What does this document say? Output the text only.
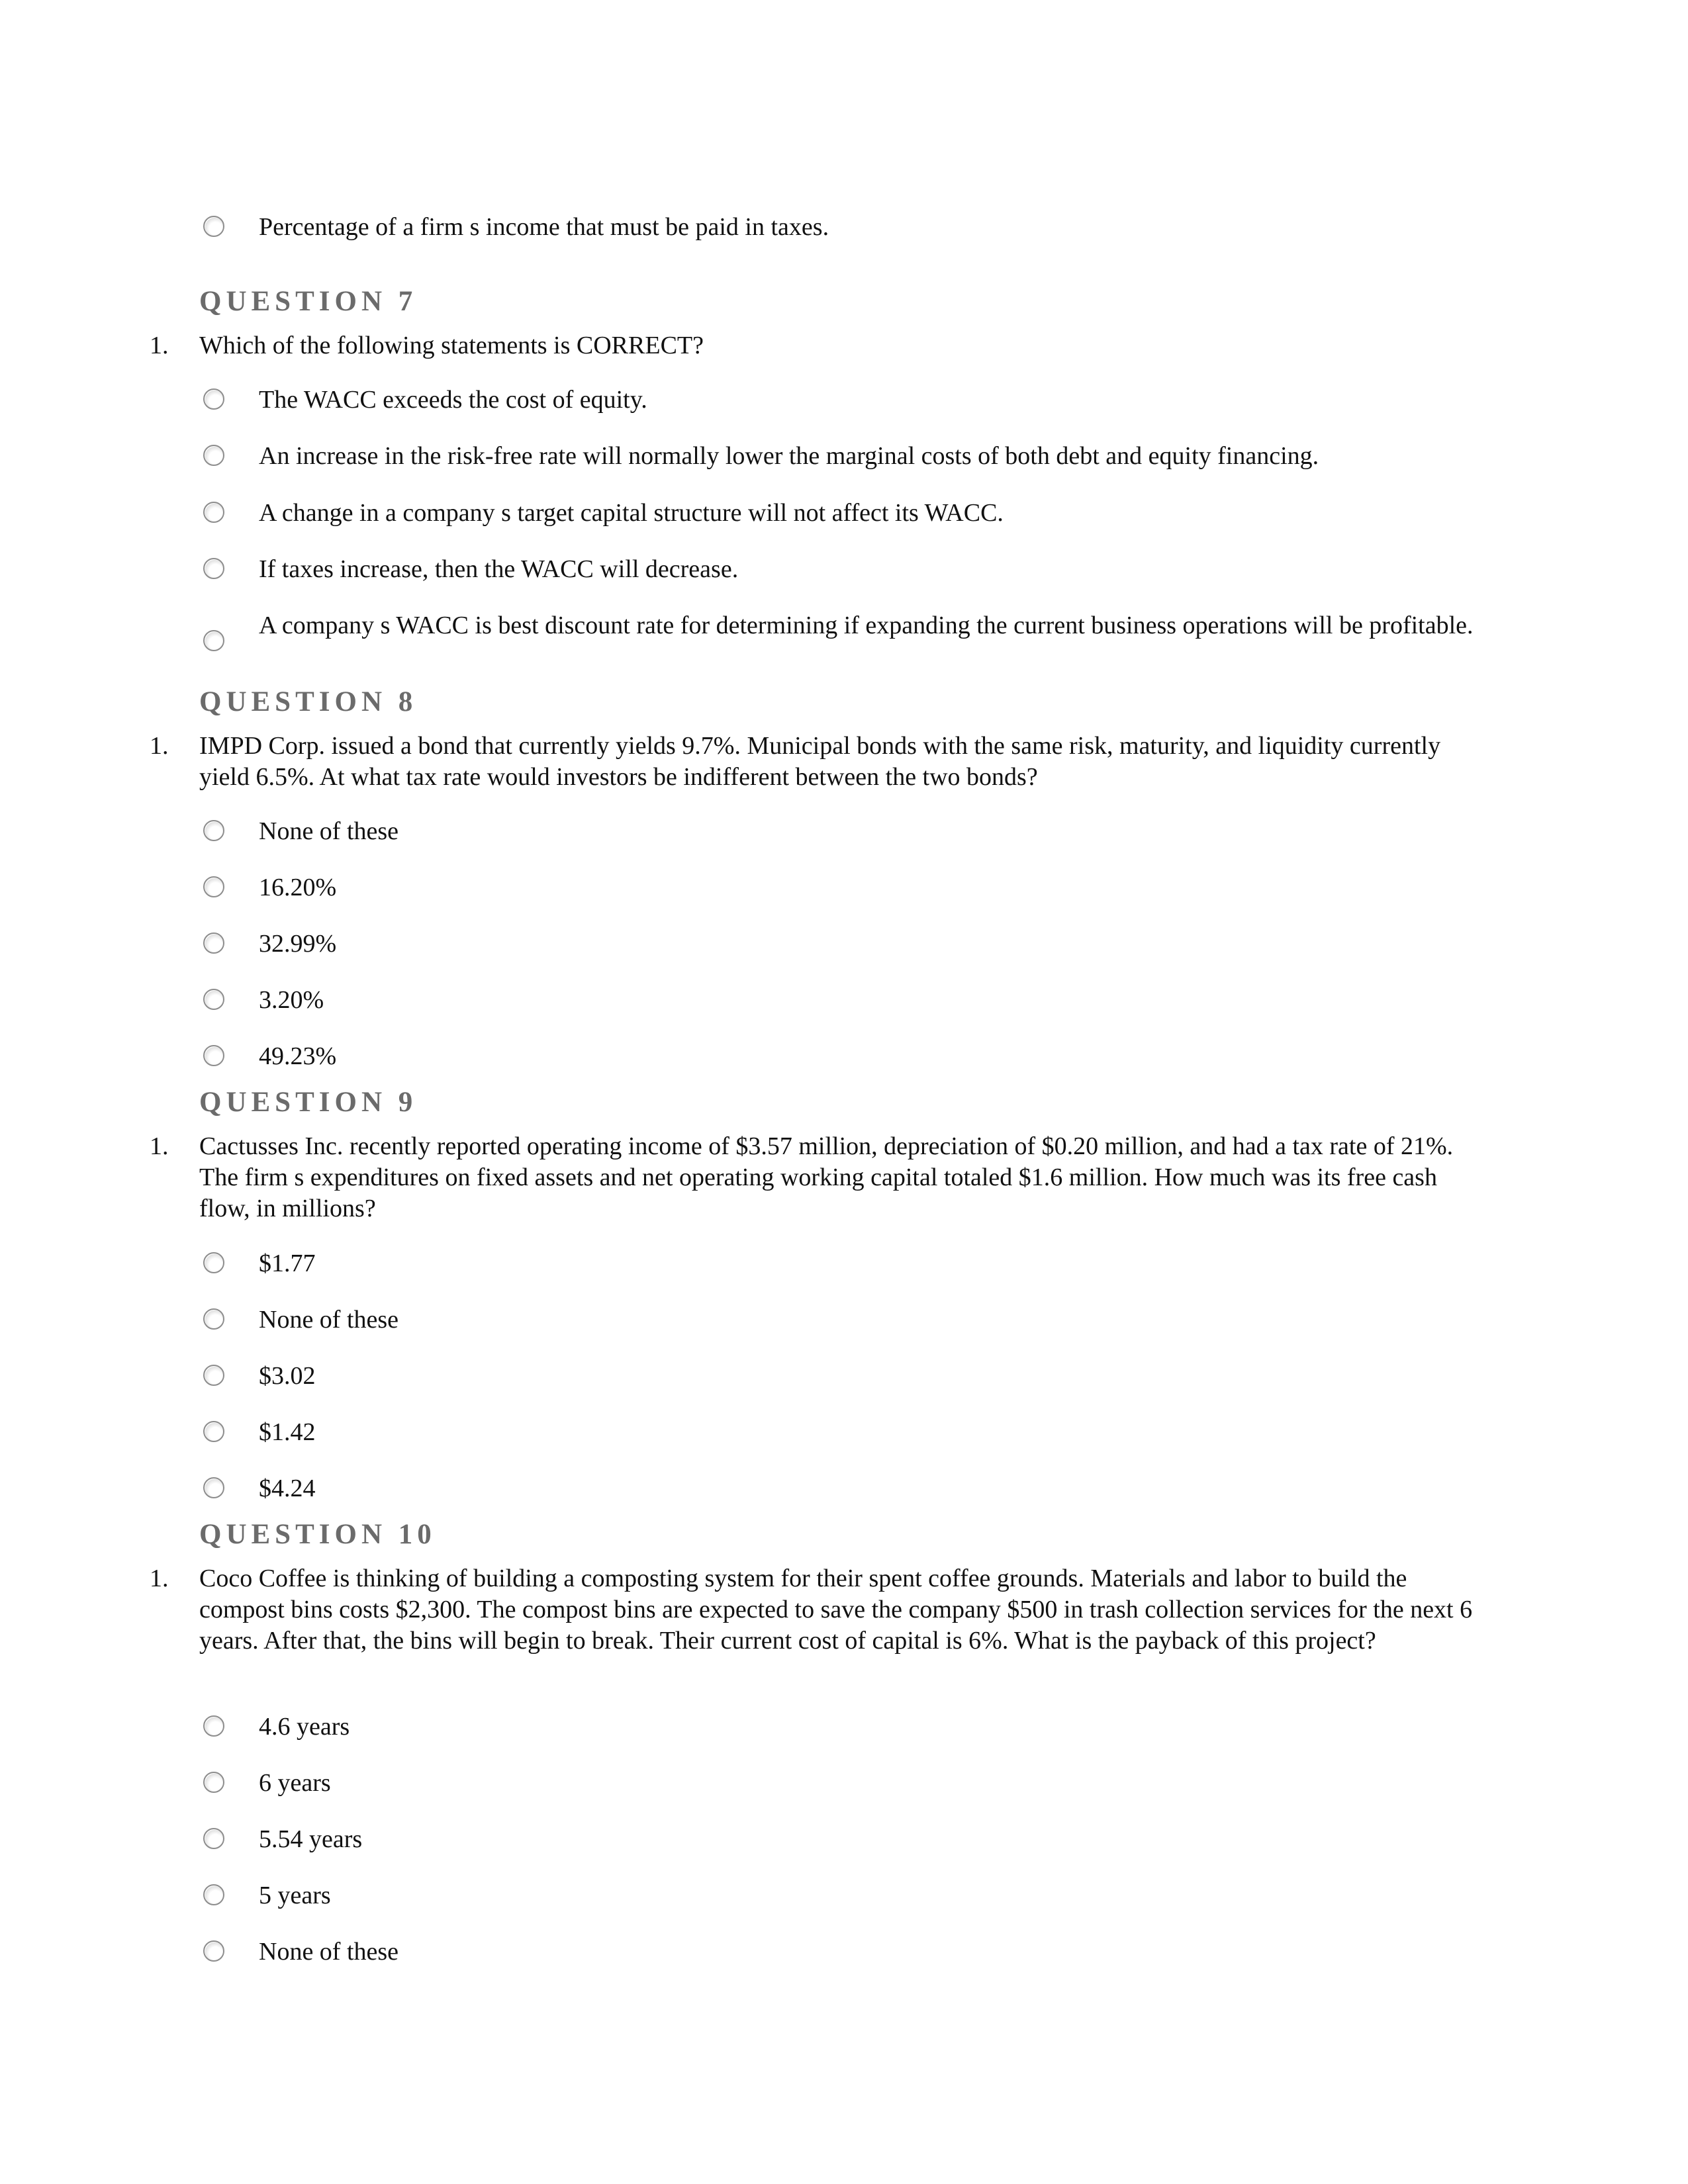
Percentage of a firm s income that must be paid in taxes.
QUESTION 7
1. Which of the following statements is CORRECT?
The WACC exceeds the cost of equity.
An increase in the risk-free rate will normally lower the marginal costs of both debt and equity financing.
A change in a company s target capital structure will not affect its WACC.
If taxes increase, then the WACC will decrease.
A company s WACC is best discount rate for determining if expanding the current business operations will be profitable.
QUESTION 8
1. IMPD Corp. issued a bond that currently yields 9.7%. Municipal bonds with the same risk, maturity, and liquidity currently yield 6.5%. At what tax rate would investors be indifferent between the two bonds?
None of these
16.20%
32.99%
3.20%
49.23%
QUESTION 9
1. Cactusses Inc. recently reported operating income of $3.57 million, depreciation of $0.20 million, and had a tax rate of 21%. The firm s expenditures on fixed assets and net operating working capital totaled $1.6 million. How much was its free cash flow, in millions?
$1.77
None of these
$3.02
$1.42
$4.24
QUESTION 10
1. Coco Coffee is thinking of building a composting system for their spent coffee grounds. Materials and labor to build the compost bins costs $2,300. The compost bins are expected to save the company $500 in trash collection services for the next 6 years. After that, the bins will begin to break. Their current cost of capital is 6%. What is the payback of this project?
4.6 years
6 years
5.54 years
5 years
None of these
